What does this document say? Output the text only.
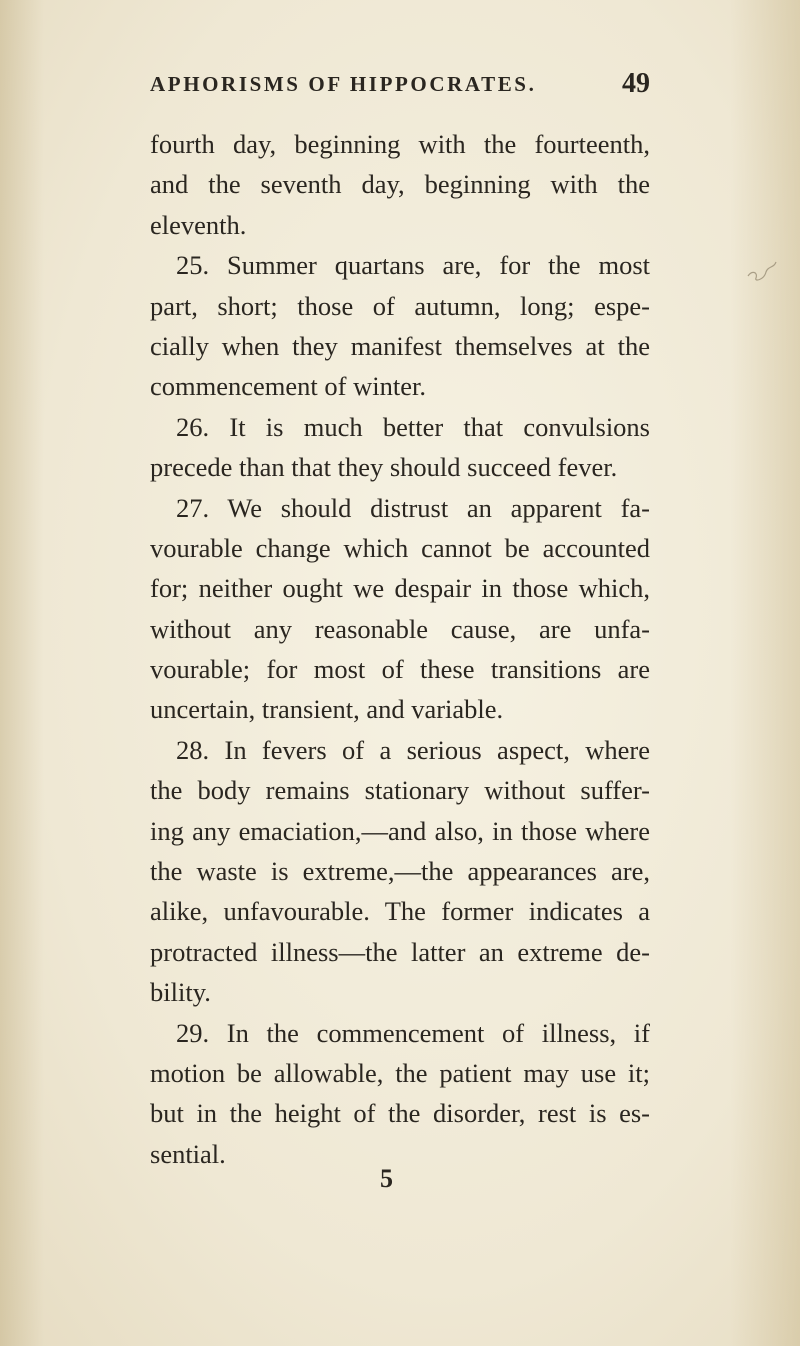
APHORISMS OF HIPPOCRATES.	49
fourth day, beginning with the fourteenth,
and the seventh day, beginning with the
eleventh.
25. Summer quartans are, for the most
part, short; those of autumn, long; espe-
cially when they manifest themselves at the
commencement of winter.
26. It is much better that convulsions
precede than that they should succeed fever.
27. We should distrust an apparent fa-
vourable change which cannot be accounted
for; neither ought we despair in those which,
without any reasonable cause, are unfa-
vourable; for most of these transitions are
uncertain, transient, and variable.
28. In fevers of a serious aspect, where
the body remains stationary without suffer-
ing any emaciation,—and also, in those where
the waste is extreme,—the appearances are,
alike, unfavourable. The former indicates a
protracted illness—the latter an extreme de-
bility.
29. In the commencement of illness, if
motion be allowable, the patient may use it;
but in the height of the disorder, rest is es-
sential.
5
